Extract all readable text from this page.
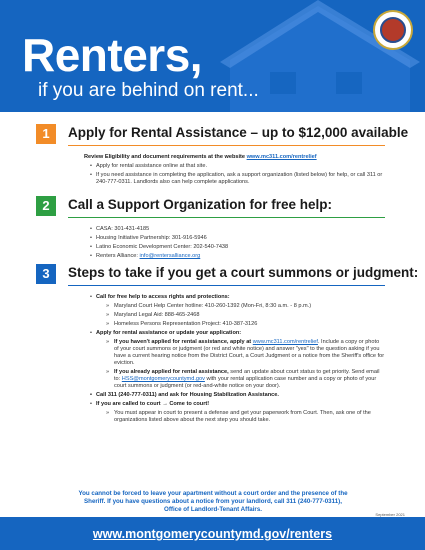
Renters,
if you are behind on rent...
1	Apply for Rental Assistance – up to $12,000 available
Review Eligibility and document requirements at the website www.mc311.com/rentrelief
• Apply for rental assistance online at that site.
• If you need assistance in completing the application, ask a support organization (listed below) for help, or call 311 or 240-777-0311. Landlords also can help complete applications.
2	Call a Support Organization for free help:
• CASA: 301-431-4185
• Housing Initiative Partnership: 301-916-5946
• Latino Economic Development Center: 202-540-7438
• Renters Alliance: info@rentersalliance.org
3	Steps to take if you get a court summons or judgment:
• Call for free help to access rights and protections:
» Maryland Court Help Center hotline: 410-260-1392 (Mon-Fri, 8:30 a.m. - 8 p.m.)
» Maryland Legal Aid: 888-465-2468
» Homeless Persons Representation Project: 410-387-3126
• Apply for rental assistance or update your application:
» If you haven't applied for rental assistance, apply at www.mc311.com/rentrelief. Include a copy or photo of your court summons or judgment (or red and white notice) and answer "yes" to the question asking if you have a current hearing notice from the District Court, a Court Judgment or a notice from the Sheriff's office for eviction.
» If you already applied for rental assistance, send an update about court status to get priority. Send email to: HSS@montgomerycountymd.gov with your rental application case number and a copy or photo of your court summons or judgment (or red-and-white notice on your door).
• Call 311 (240-777-0311) and ask for Housing Stabilization Assistance.
• If you are called to court → Come to court!
» You must appear in court to present a defense and get your paperwork from Court. Then, ask one of the organizations listed above about the next step you should take.
You cannot be forced to leave your apartment without a court order and the presence of the Sheriff. If you have questions about a notice from your landlord, call 311 (240-777-0311), Office of Landlord-Tenant Affairs.
September 2021
www.montgomerycountymd.gov/renters
